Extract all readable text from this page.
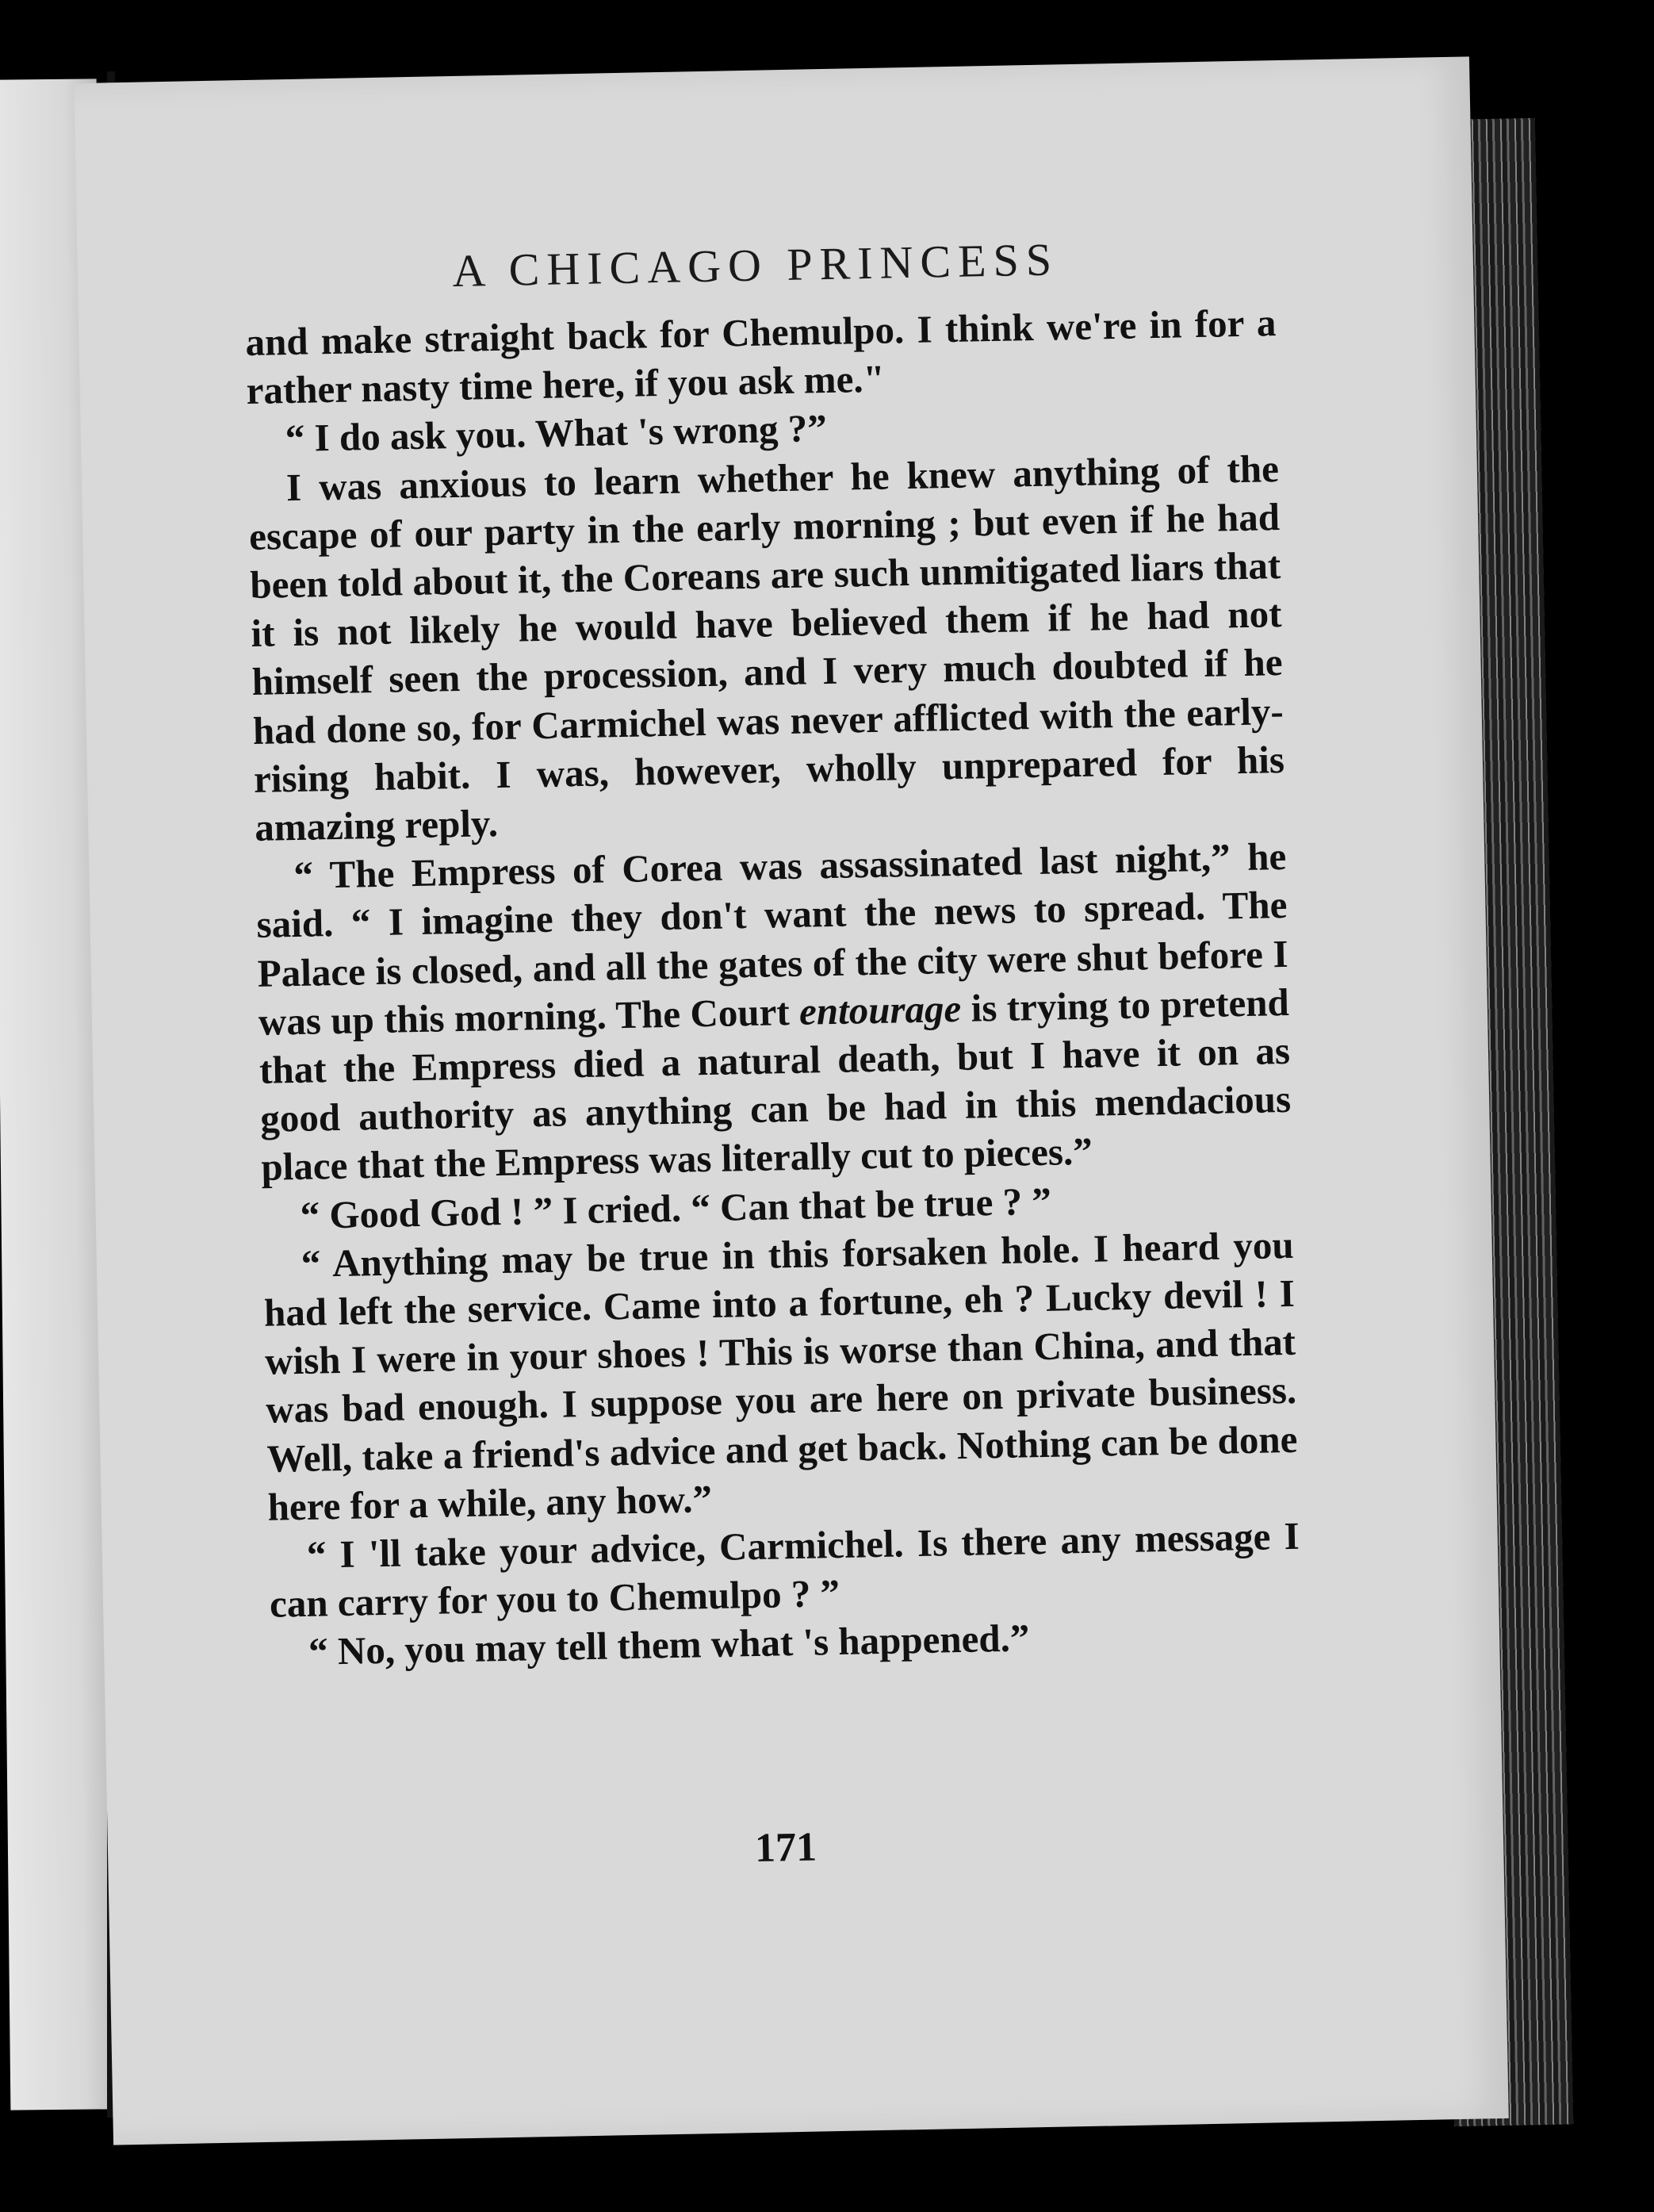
A CHICAGO PRINCESS

and make straight back for Chemulpo. I think we're in for a rather nasty time here, if you ask me."

“ I do ask you. What 's wrong ?”

I was anxious to learn whether he knew anything of the escape of our party in the early morning ; but even if he had been told about it, the Coreans are such unmitigated liars that it is not likely he would have believed them if he had not himself seen the procession, and I very much doubted if he had done so, for Carmichel was never afflicted with the early-rising habit. I was, however, wholly unprepared for his amazing reply.

“ The Empress of Corea was assassinated last night,” he said. “ I imagine they don't want the news to spread. The Palace is closed, and all the gates of the city were shut before I was up this morning. The Court entourage is trying to pretend that the Empress died a natural death, but I have it on as good authority as anything can be had in this mendacious place that the Empress was literally cut to pieces.”

“ Good God ! ” I cried. “ Can that be true ? ”

“ Anything may be true in this forsaken hole. I heard you had left the service. Came into a fortune, eh ? Lucky devil ! I wish I were in your shoes ! This is worse than China, and that was bad enough. I suppose you are here on private business. Well, take a friend's advice and get back. Nothing can be done here for a while, any how.”

“ I 'll take your advice, Carmichel. Is there any message I can carry for you to Chemulpo ? ”

“ No, you may tell them what 's happened.”

171
